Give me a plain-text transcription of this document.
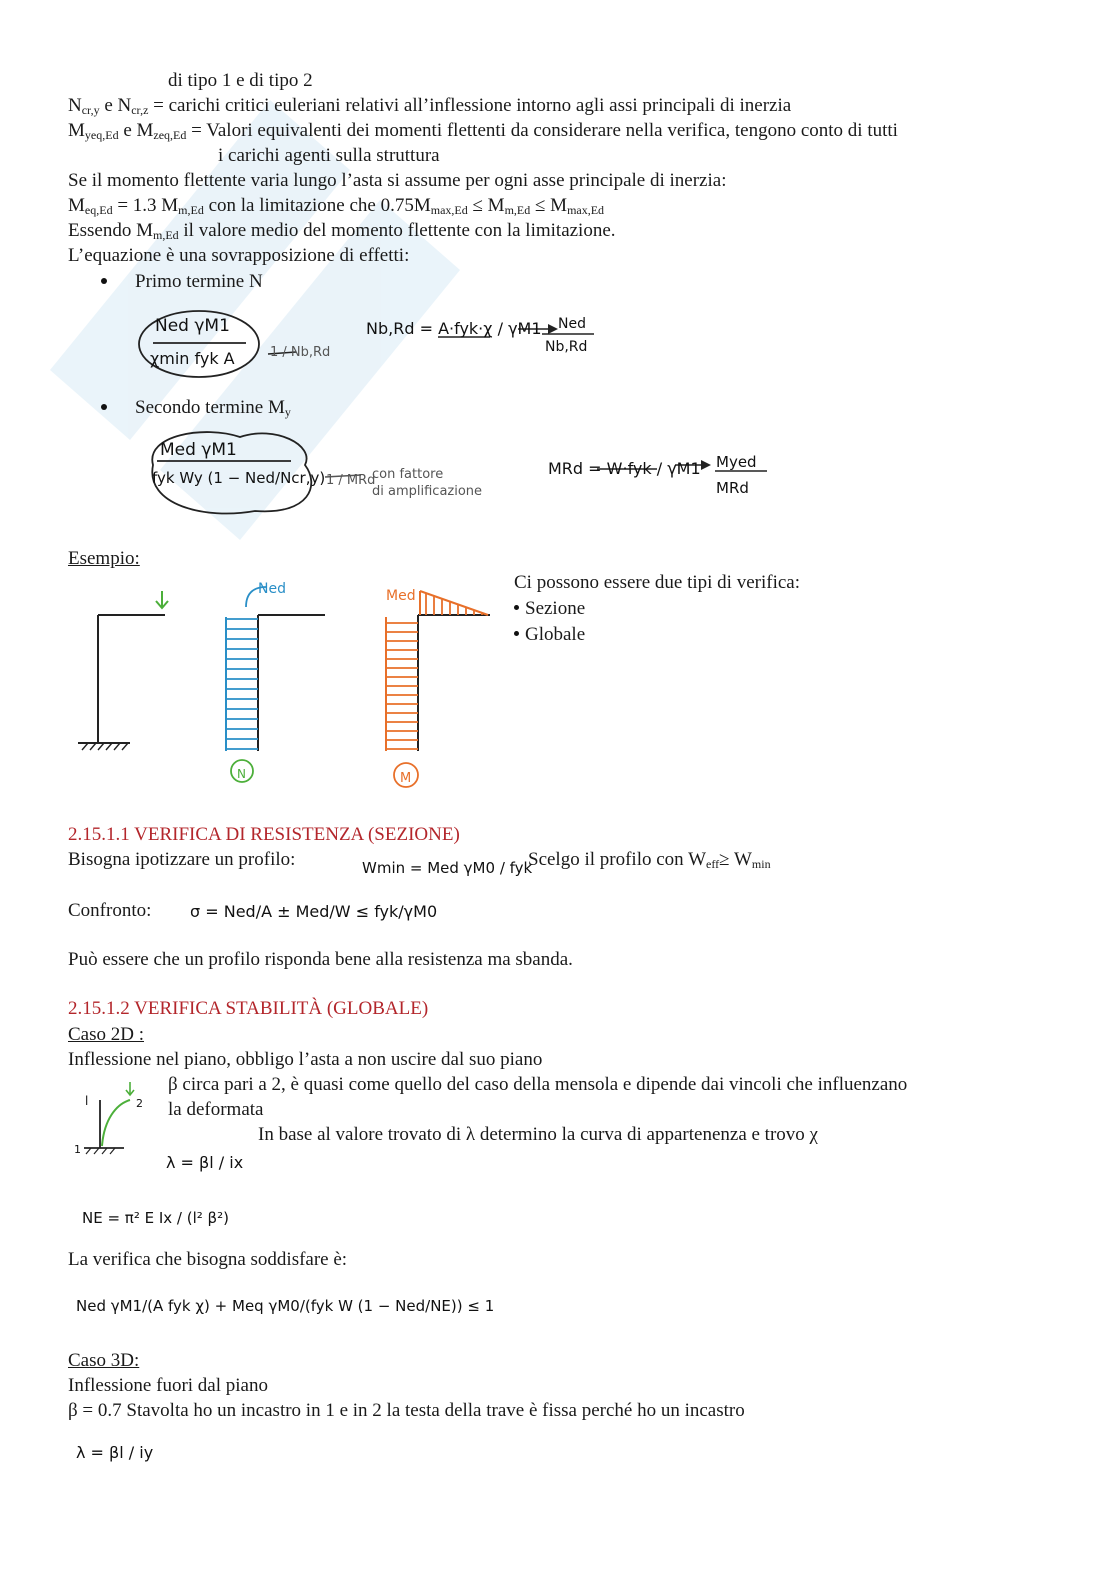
di tipo 1 e di tipo 2
$N_{cr,y}$ e $N_{cr,z}$ = carichi critici euleriani relativi all’inflessione intorno agli assi principali di inerzia
$M_{yeq,Ed}$ e $M_{zeq,Ed}$ = Valori equivalenti dei momenti flettenti da considerare nella verifica, tengono conto di tutti
i carichi agenti sulla struttura
Se il momento flettente varia lungo l’asta si assume per ogni asse principale di inerzia:
$M_{eq,Ed} = 1.3$ $M_{m,Ed}$ con la limitazione che $0.75M_{max,Ed} \le M_{m,Ed} \le M_{max,Ed}$
Essendo $M_{m,Ed}$ il valore medio del momento flettente con la limitazione.
L’equazione è una sovrapposizione di effetti:
Primo termine N
Ned γM1
χmin fyk A	1 / Nb,Rd
Nb,Rd = A·fyk·χ / γM1 Ned
Nb,Rd
Secondo termine $M_y$
Med γM1
fyk Wy (1 − Ned/Ncr,y) 1 / MRd
con fattore
di amplificazione
MRd = W·fyk / γM1 Myed
MRd
Esempio:
Ned	Med
N	M
Ci possono essere due tipi di verifica:
Sezione
Globale
2.15.1.1 VERIFICA DI RESISTENZA (SEZIONE)
Bisogna ipotizzare un profilo:	Wmin = Med γM0 / fyk
Scelgo il profilo con $W_{eff}\ge W_{min}$
Confronto: σ = Ned/A ± Med/W ≤ fyk/γM0
Può essere che un profilo risponda bene alla resistenza ma sbanda.
2.15.1.2 VERIFICA STABILITÀ (GLOBALE)
Caso 2D :
Inflessione nel piano, obbligo l’asta a non uscire dal suo piano
β circa pari a 2, è quasi come quello del caso della mensola e dipende dai vincoli che influenzano
la deformata
In base al valore trovato di λ determino la curva di appartenenza e trovo χ
l
1
2
λ = βl / ix
NE = π² E Ix / (l² β²)
La verifica che bisogna soddisfare è:
Ned γM1/(A fyk χ) + Meq γM0/(fyk W (1 − Ned/NE)) ≤ 1
Caso 3D:
Inflessione fuori dal piano
β = 0.7 Stavolta ho un incastro in 1 e in 2 la testa della trave è fissa perché ho un incastro
λ = βl / iy
